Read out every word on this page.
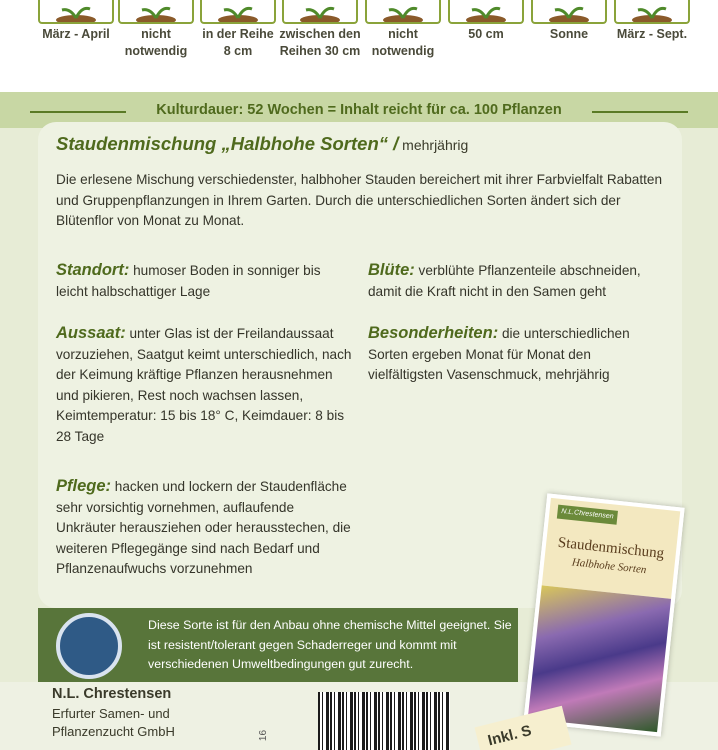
März - April	nicht
notwendig
in der Reihe
8 cm
zwischen den
Reihen 30 cm
nicht
notwendig
50 cm	Sonne	März - Sept.
Kulturdauer: 52 Wochen = Inhalt reicht für ca. 100 Pflanzen
Staudenmischung „Halbhohe Sorten“ / mehrjährig
Die erlesene Mischung verschiedenster, halbhoher Stauden bereichert mit ihrer Farbvielfalt Rabatten und Gruppenpflanzungen in Ihrem Garten. Durch die unterschiedlichen Sorten ändert sich der Blütenflor von Monat zu Monat.
Standort: humoser Boden in sonniger bis leicht halbschattiger Lage
Aussaat: unter Glas ist der Freilandaussaat vorzuziehen, Saatgut keimt unterschiedlich, nach der Keimung kräftige Pflanzen herausnehmen und pikieren, Rest noch wachsen lassen, Keimtemperatur: 15 bis 18° C, Keimdauer: 8 bis 28 Tage
Pflege: hacken und lockern der Staudenfläche sehr vorsichtig vornehmen, auflaufende Unkräuter herausziehen oder herausstechen, die weiteren Pflegegänge sind nach Bedarf und Pflanzenaufwuchs vorzunehmen
Blüte: verblühte Pflanzenteile abschneiden, damit die Kraft nicht in den Samen geht
Besonderheiten: die unterschiedlichen Sorten ergeben Monat für Monat den vielfältigsten Vasenschmuck, mehrjährig
Diese Sorte ist für den Anbau ohne chemische Mittel geeignet. Sie ist resistent/tolerant gegen Schaderreger und kommt mit verschiedenen Umweltbedingungen gut zurecht.
N.L. Chrestensen
Erfurter Samen- und
Pflanzenzucht GmbH	16
N.L.Chrestensen
Staudenmischung
Halbhohe Sorten
Inkl. S
